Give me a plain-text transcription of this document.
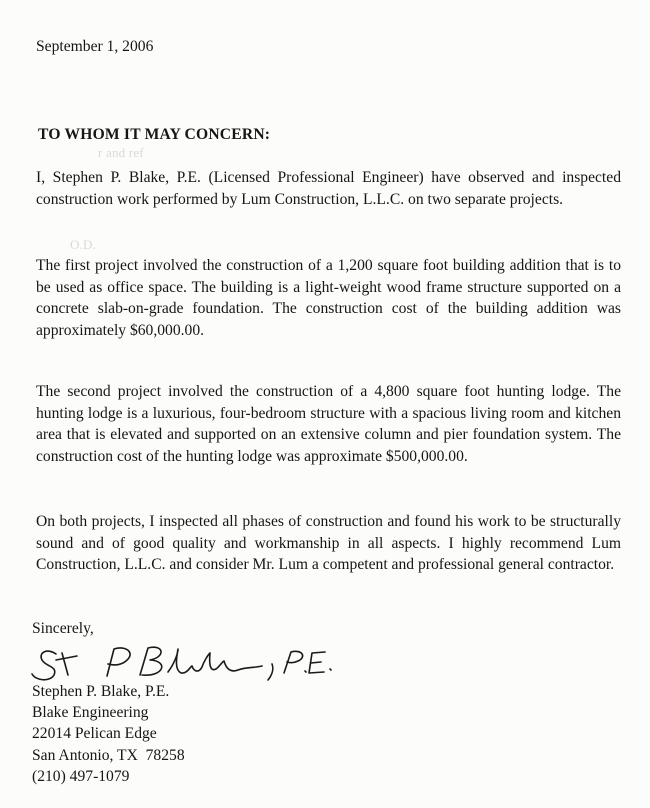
r and ref
O.D.
September 1, 2006
TO WHOM IT MAY CONCERN:

I, Stephen P. Blake, P.E. (Licensed Professional Engineer) have observed and inspected construction work performed by Lum Construction, L.L.C. on two separate projects.

The first project involved the construction of a 1,200 square foot building addition that is to be used as office space. The building is a light-weight wood frame structure supported on a concrete slab-on-grade foundation. The construction cost of the building addition was approximately $60,000.00.

The second project involved the construction of a 4,800 square foot hunting lodge. The hunting lodge is a luxurious, four-bedroom structure with a spacious living room and kitchen area that is elevated and supported on an extensive column and pier foundation system. The construction cost of the hunting lodge was approximate $500,000.00.

On both projects, I inspected all phases of construction and found his work to be structurally sound and of good quality and workmanship in all aspects. I highly recommend Lum Construction, L.L.C. and consider Mr. Lum a competent and professional general contractor.

Sincerely,
Stephen P. Blake, P.E.
Blake Engineering
22014 Pelican Edge
San Antonio, TX  78258
(210) 497-1079
